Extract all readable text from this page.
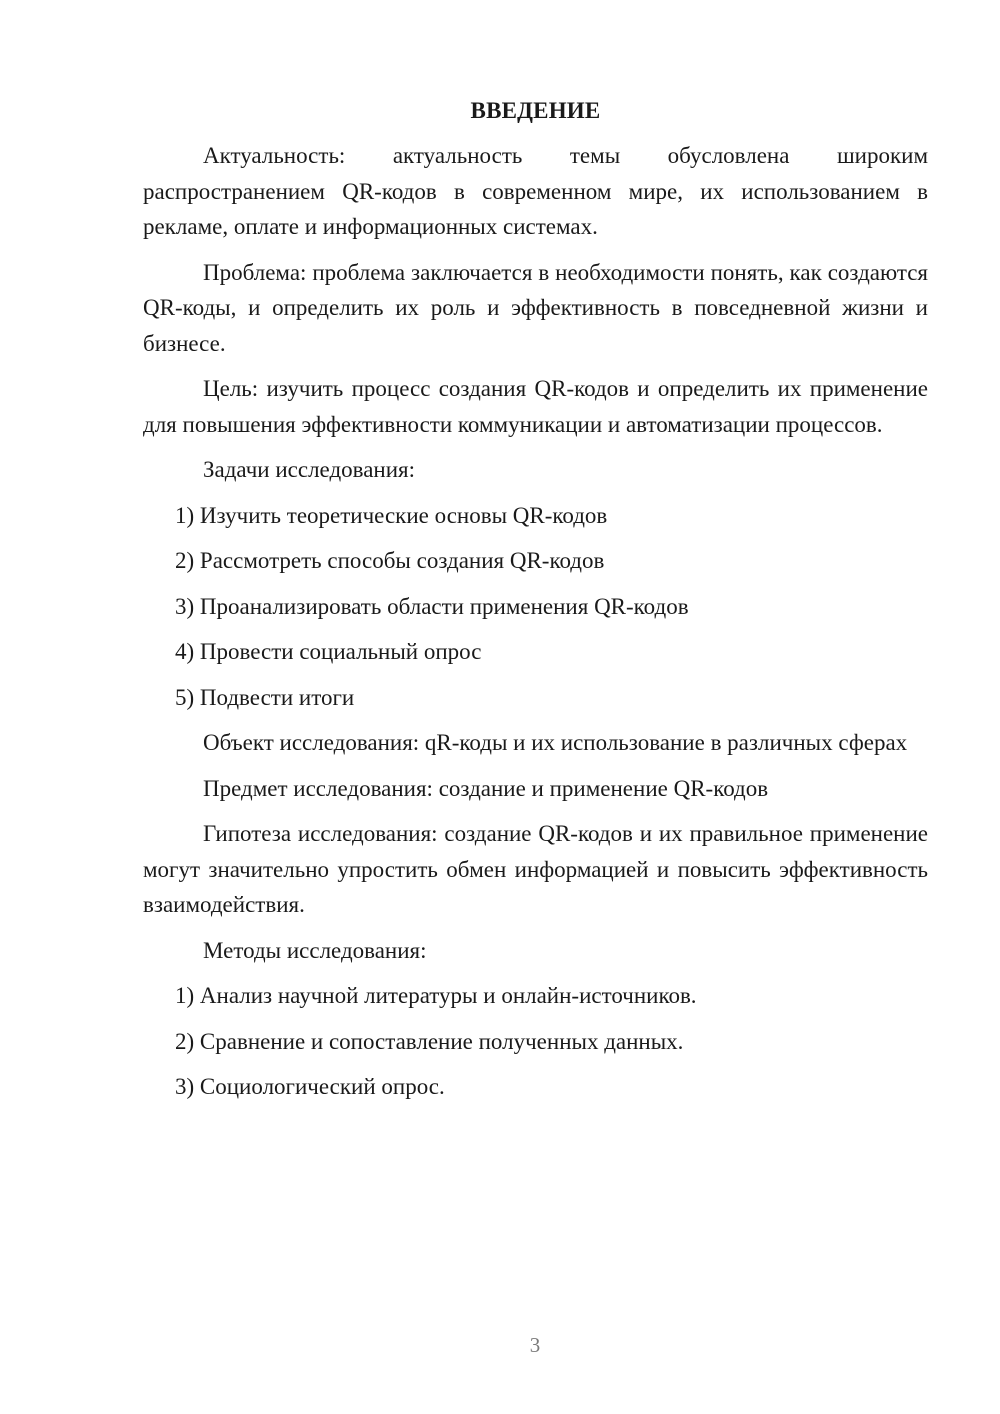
ВВЕДЕНИЕ
Актуальность: актуальность темы обусловлена широким распространением QR-кодов в современном мире, их использованием в рекламе, оплате и информационных системах.
Проблема: проблема заключается в необходимости понять, как создаются QR-коды, и определить их роль и эффективность в повседневной жизни и бизнесе.
Цель: изучить процесс создания QR-кодов и определить их применение для повышения эффективности коммуникации и автоматизации процессов.
Задачи исследования:
1) Изучить теоретические основы QR-кодов
2) Рассмотреть способы создания QR-кодов
3) Проанализировать области применения QR-кодов
4) Провести социальный опрос
5) Подвести итоги
Объект исследования: qR-коды и их использование в различных сферах
Предмет исследования: создание и применение QR-кодов
Гипотеза исследования: создание QR-кодов и их правильное применение могут значительно упростить обмен информацией и повысить эффективность взаимодействия.
Методы исследования:
1) Анализ научной литературы и онлайн-источников.
2) Сравнение и сопоставление полученных данных.
3) Социологический опрос.
3
